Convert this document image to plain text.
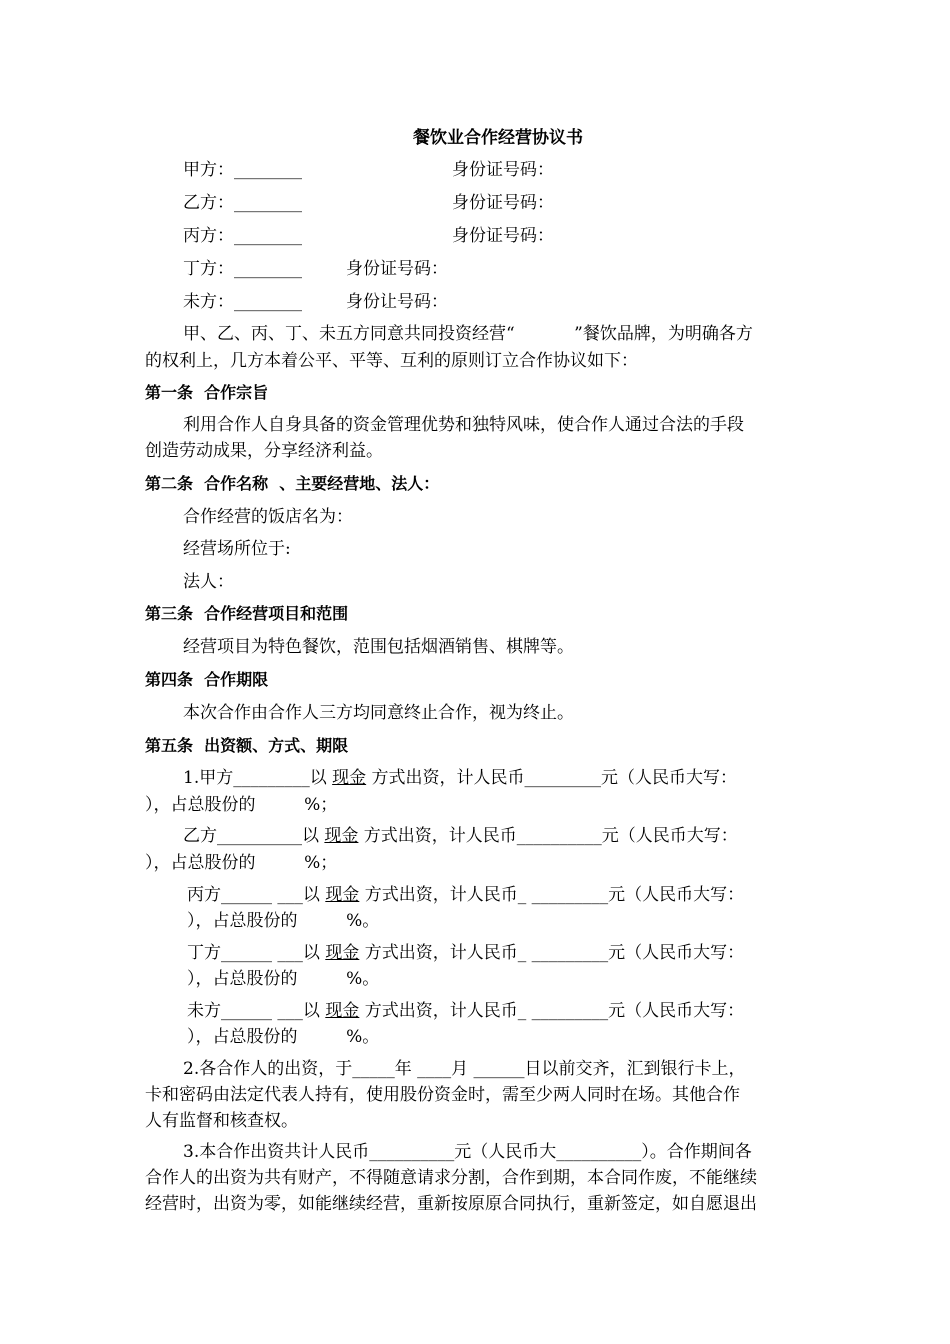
餐饮业合作经营协议书
甲方：________	身份证号码：
乙方：________	身份证号码：
丙方：________	身份证号码：
丁方：________	身份证号码：
未方：________	身份让号码：
甲、乙、丙、丁、未五方同意共同投资经营“           ”餐饮品牌，为明确各方
的权利上，几方本着公平、平等、互利的原则订立合作协议如下：
第一条  合作宗旨
利用合作人自身具备的资金管理优势和独特风味，使合作人通过合法的手段
创造劳动成果，分享经济利益。
第二条  合作名称  、主要经营地、法人：
合作经营的饭店名为：
经营场所位于:
法人：
第三条  合作经营项目和范围
经营项目为特色餐饮，范围包括烟酒销售、棋牌等。
第四条  合作期限
本次合作由合作人三方均同意终止合作，视为终止。
第五条  出资额、方式、期限
1.甲方_________以 现金 方式出资，计人民币_________元（人民币大写：
），占总股份的         %；
乙方__________以 现金 方式出资，计人民币__________元（人民币大写：
），占总股份的         %；
丙方______ ___以 现金 方式出资，计人民币_ _________元（人民币大写：
），占总股份的         %。
丁方______ ___以 现金 方式出资，计人民币_ _________元（人民币大写：
），占总股份的         %。
未方______ ___以 现金 方式出资，计人民币_ _________元（人民币大写：
），占总股份的         %。
2.各合作人的出资，于_____年 ____月 ______日以前交齐，汇到银行卡上，
卡和密码由法定代表人持有，使用股份资金时，需至少两人同时在场。其他合作
人有监督和核查权。
3.本合作出资共计人民币__________元（人民币大__________）。合作期间各
合作人的出资为共有财产，不得随意请求分割，合作到期，本合同作废，不能继续
经营时，出资为零，如能继续经营，重新按原原合同执行，重新签定，如自愿退出
